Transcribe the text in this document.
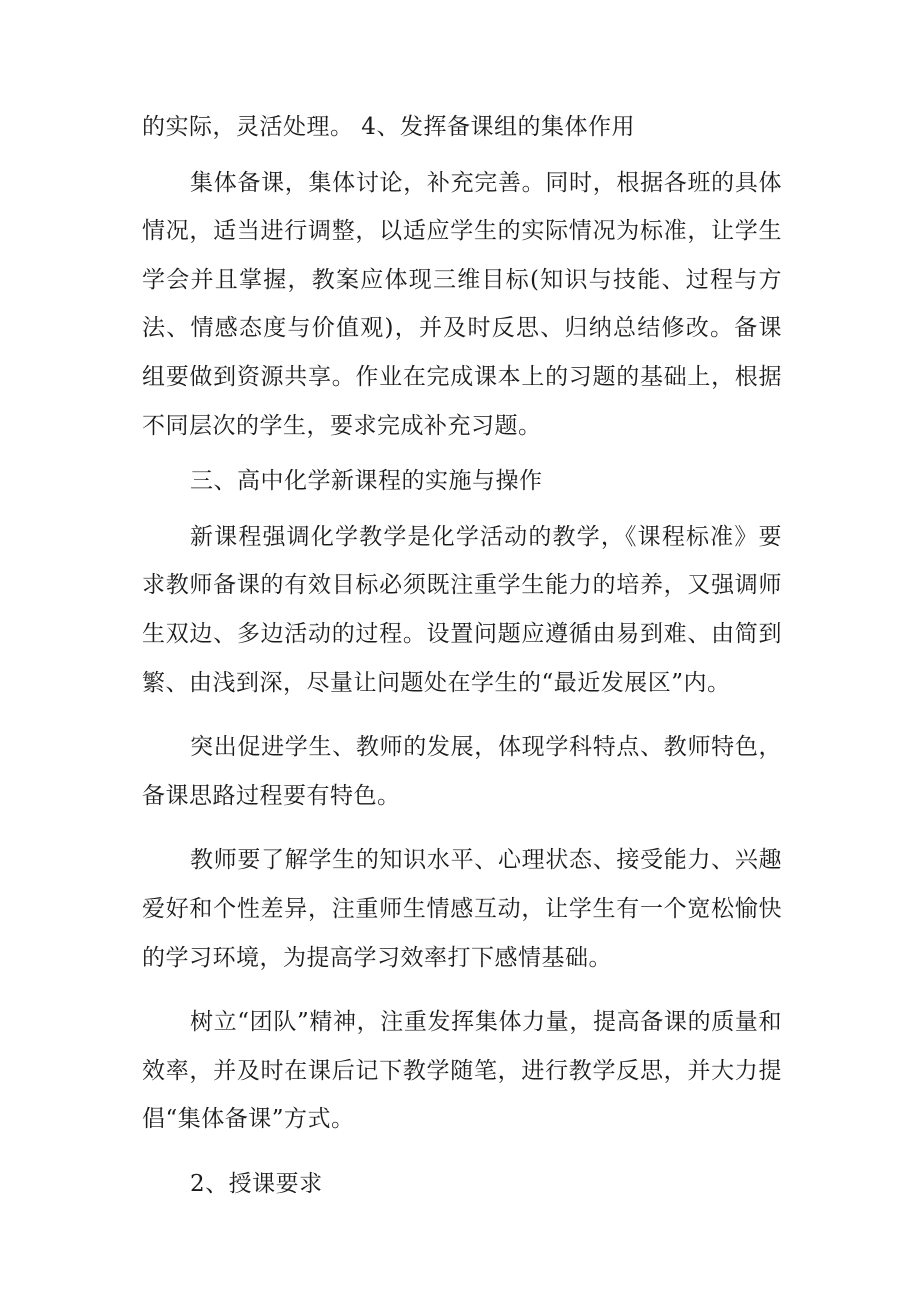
的实际，灵活处理。 4、发挥备课组的集体作用

集体备课，集体讨论，补充完善。同时，根据各班的具体情况，适当进行调整，以适应学生的实际情况为标准，让学生学会并且掌握，教案应体现三维目标(知识与技能、过程与方法、情感态度与价值观)，并及时反思、归纳总结修改。备课组要做到资源共享。作业在完成课本上的习题的基础上，根据不同层次的学生，要求完成补充习题。

三、高中化学新课程的实施与操作

新课程强调化学教学是化学活动的教学，《课程标准》要求教师备课的有效目标必须既注重学生能力的培养，又强调师生双边、多边活动的过程。设置问题应遵循由易到难、由简到繁、由浅到深，尽量让问题处在学生的“最近发展区”内。

突出促进学生、教师的发展，体现学科特点、教师特色，备课思路过程要有特色。

教师要了解学生的知识水平、心理状态、接受能力、兴趣爱好和个性差异，注重师生情感互动，让学生有一个宽松愉快的学习环境，为提高学习效率打下感情基础。

树立“团队”精神，注重发挥集体力量，提高备课的质量和效率，并及时在课后记下教学随笔，进行教学反思，并大力提倡“集体备课”方式。

2、授课要求
